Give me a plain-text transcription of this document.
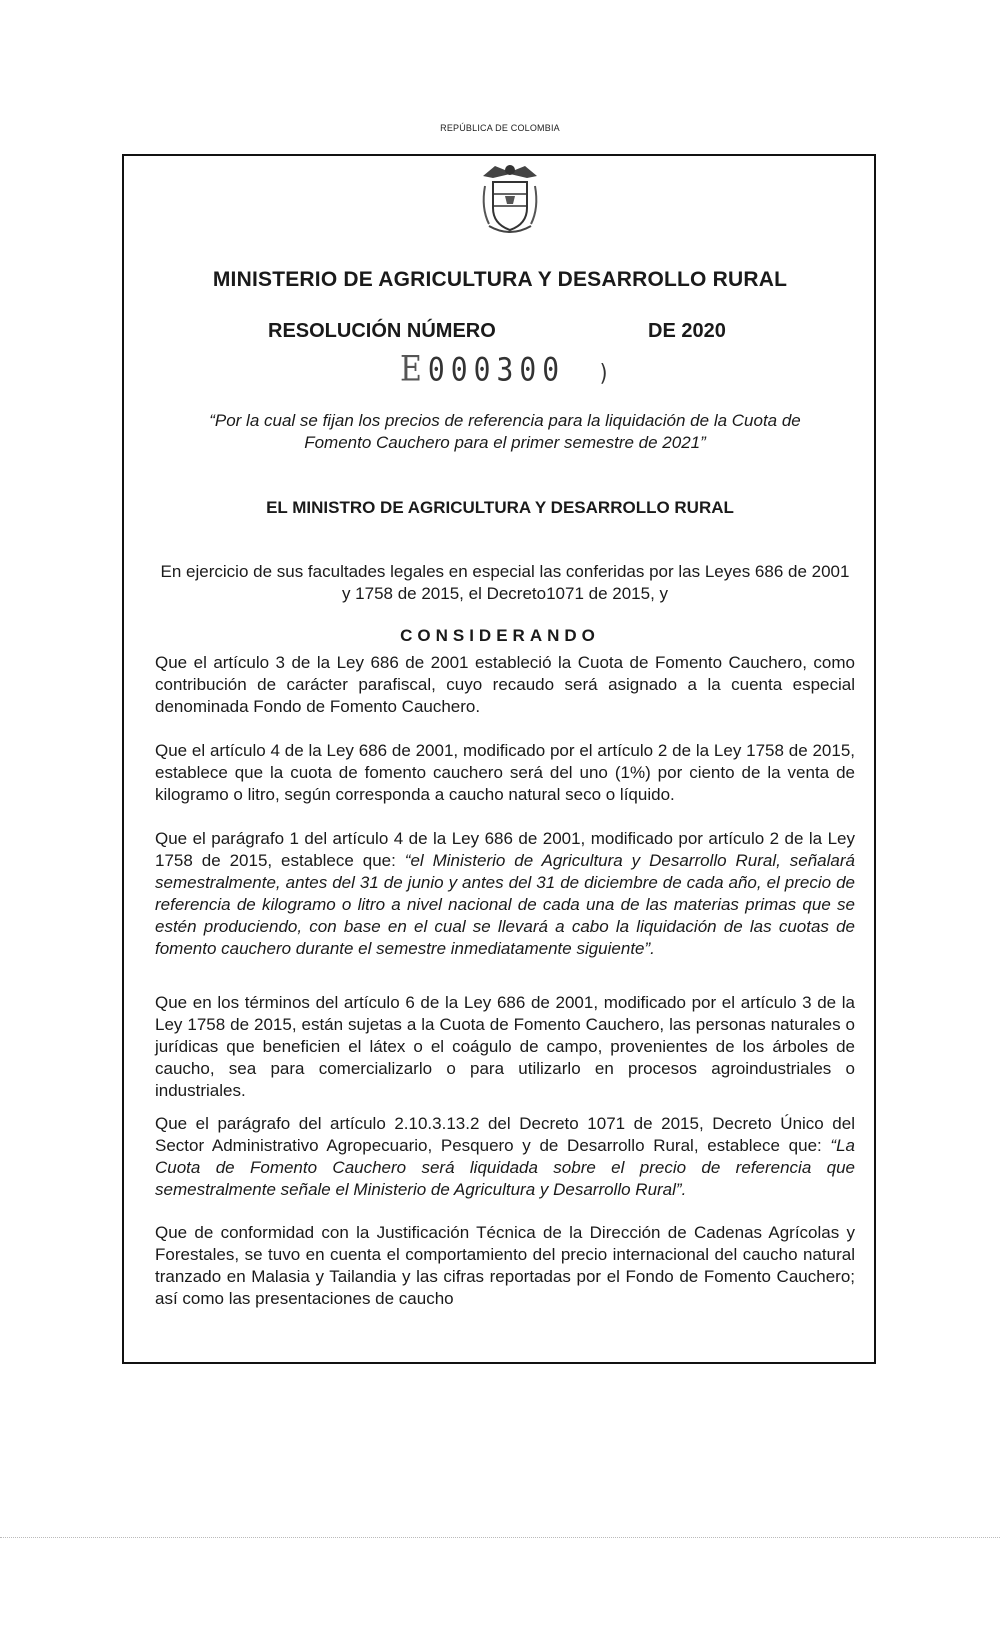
REPÚBLICA DE COLOMBIA
MINISTERIO DE AGRICULTURA Y DESARROLLO RURAL
RESOLUCIÓN NÚMERO	DE 2020
E000300 )
“Por la cual se fijan los precios de referencia para la liquidación de la Cuota de Fomento Cauchero para el primer semestre de 2021”
EL MINISTRO DE AGRICULTURA Y DESARROLLO RURAL
En ejercicio de sus facultades legales en especial las conferidas por las Leyes 686 de 2001 y 1758 de 2015, el Decreto1071 de 2015, y
CONSIDERANDO

Que el artículo 3 de la Ley 686 de 2001 estableció la Cuota de Fomento Cauchero, como contribución de carácter parafiscal, cuyo recaudo será asignado a la cuenta especial denominada Fondo de Fomento Cauchero.

Que el artículo 4 de la Ley 686 de 2001, modificado por el artículo 2 de la Ley 1758 de 2015, establece que la cuota de fomento cauchero será del uno (1%) por ciento de la venta de kilogramo o litro, según corresponda a caucho natural seco o líquido.

Que el parágrafo 1 del artículo 4 de la Ley 686 de 2001, modificado por artículo 2 de la Ley 1758 de 2015, establece que: “el Ministerio de Agricultura y Desarrollo Rural, señalará semestralmente, antes del 31 de junio y antes del 31 de diciembre de cada año, el precio de referencia de kilogramo o litro a nivel nacional de cada una de las materias primas que se estén produciendo, con base en el cual se llevará a cabo la liquidación de las cuotas de fomento cauchero durante el semestre inmediatamente siguiente”.

Que en los términos del artículo 6 de la Ley 686 de 2001, modificado por el artículo 3 de la Ley 1758 de 2015, están sujetas a la Cuota de Fomento Cauchero, las personas naturales o jurídicas que beneficien el látex o el coágulo de campo, provenientes de los árboles de caucho, sea para comercializarlo o para utilizarlo en procesos agroindustriales o industriales.

Que el parágrafo del artículo 2.10.3.13.2 del Decreto 1071 de 2015, Decreto Único del Sector Administrativo Agropecuario, Pesquero y de Desarrollo Rural, establece que: “La Cuota de Fomento Cauchero será liquidada sobre el precio de referencia que semestralmente señale el Ministerio de Agricultura y Desarrollo Rural”.

Que de conformidad con la Justificación Técnica de la Dirección de Cadenas Agrícolas y Forestales, se tuvo en cuenta el comportamiento del precio internacional del caucho natural tranzado en Malasia y Tailandia y las cifras reportadas por el Fondo de Fomento Cauchero; así como las presentaciones de caucho
